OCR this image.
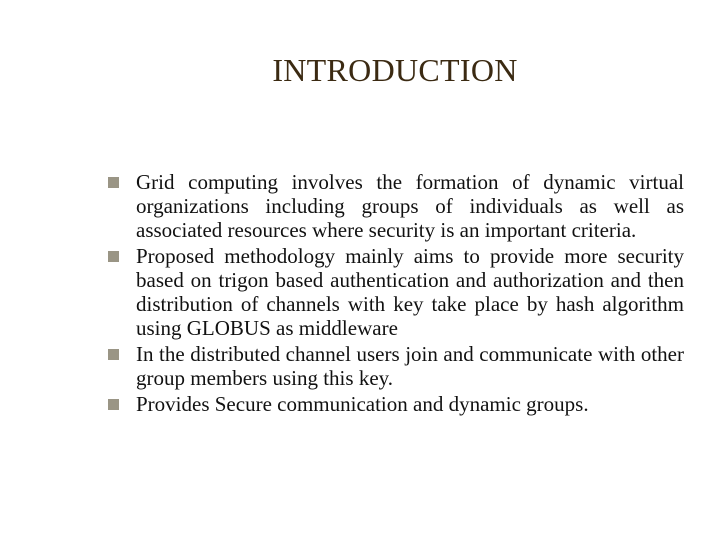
INTRODUCTION
Grid computing involves the formation of dynamic virtual organizations including groups of individuals as well as associated resources where security is an important criteria.
Proposed methodology mainly aims to provide more security based on trigon based authentication and authorization and then distribution of channels with key take place by hash algorithm using GLOBUS as middleware
In the distributed channel users join and communicate with other group members using this key.
Provides Secure communication and dynamic groups.
